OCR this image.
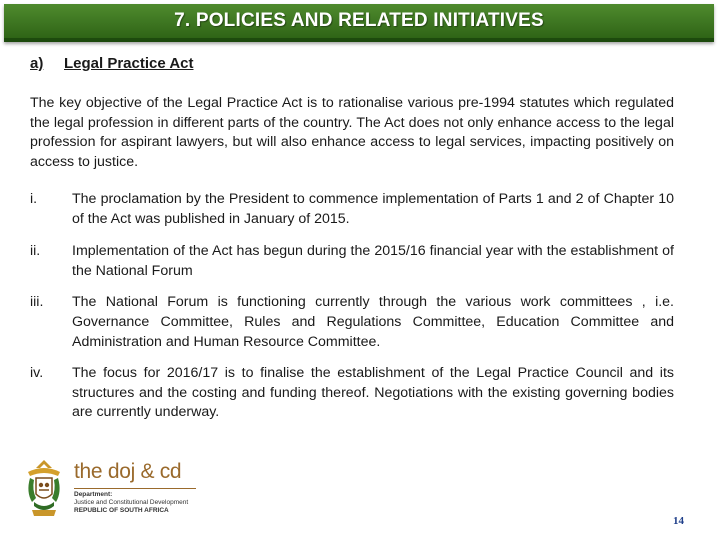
7. POLICIES AND RELATED INITIATIVES
a)	Legal Practice Act

The key objective of the Legal Practice Act is to rationalise various pre-1994 statutes which regulated the legal profession in different parts of the country. The Act does not only enhance access to the legal profession for aspirant lawyers, but will also enhance access to legal services, impacting positively on access to justice.

i.	The proclamation by the President to commence implementation of Parts 1 and 2 of Chapter 10 of the Act was published in January of 2015.
ii.	Implementation of the Act has begun during the 2015/16 financial year with the establishment of the National Forum
iii.	The National Forum is functioning currently through the various work committees , i.e. Governance Committee, Rules and Regulations Committee, Education Committee and Administration and Human Resource Committee.
iv.	The focus for 2016/17 is to finalise the establishment of the Legal Practice Council and its structures and the costing and funding thereof. Negotiations with the existing governing bodies are currently underway.
the doj & cd
Department:
Justice and Constitutional Development
REPUBLIC OF SOUTH AFRICA
14
